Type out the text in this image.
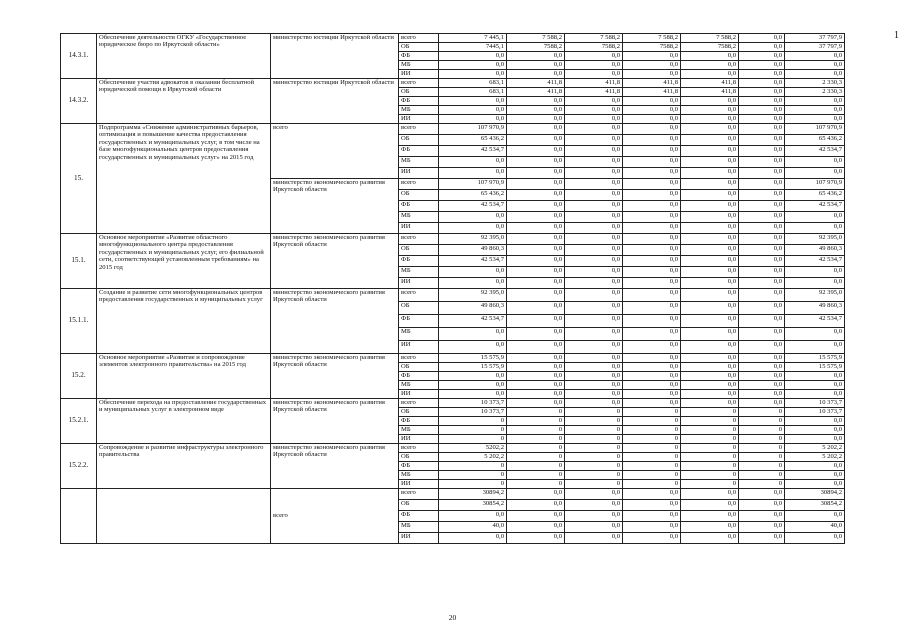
1
14.3.1.	Обеспечение деятельности ОГКУ «Государственное юридическое бюро по Иркутской области»	министерство юстиции Иркутской области	всего	7 445,1	7 588,2	7 588,2	7 588,2	7 588,2	0,0	37 797,9
			ОБ	7445,1	7588,2	7588,2	7588,2	7588,2	0,0	37 797,9
			ФБ	0,0	0,0	0,0	0,0	0,0	0,0	0,0
			МБ	0,0	0,0	0,0	0,0	0,0	0,0	0,0
			ИИ	0,0	0,0	0,0	0,0	0,0	0,0	0,0
14.3.2.	Обеспечение участия адвокатов в оказании бесплатной юридической помощи в Иркутской области	министерство юстиции Иркутской области	всего	683,1	411,8	411,8	411,8	411,8	0,0	2 330,3
			ОБ	683,1	411,8	411,8	411,8	411,8	0,0	2 330,3
			ФБ	0,0	0,0	0,0	0,0	0,0	0,0	0,0
			МБ	0,0	0,0	0,0	0,0	0,0	0,0	0,0
			ИИ	0,0	0,0	0,0	0,0	0,0	0,0	0,0
15.	Подпрограмма «Снижение административных барьеров, оптимизация и повышение качества предоставления государственных и муниципальных услуг, в том числе на базе многофункциональных центров предоставления государственных и муниципальных услуг» на 2015 год	всего	всего	107 970,9	0,0	0,0	0,0	0,0	0,0	107 970,9
			ОБ	65 436,2	0,0	0,0	0,0	0,0	0,0	65 436,2
			ФБ	42 534,7	0,0	0,0	0,0	0,0	0,0	42 534,7
			МБ	0,0	0,0	0,0	0,0	0,0	0,0	0,0
			ИИ	0,0	0,0	0,0	0,0	0,0	0,0	0,0
		министерство экономического развития Иркутской области	всего	107 970,9	0,0	0,0	0,0	0,0	0,0	107 970,9
			ОБ	65 436,2	0,0	0,0	0,0	0,0	0,0	65 436,2
			ФБ	42 534,7	0,0	0,0	0,0	0,0	0,0	42 534,7
			МБ	0,0	0,0	0,0	0,0	0,0	0,0	0,0
			ИИ	0,0	0,0	0,0	0,0	0,0	0,0	0,0
15.1.	Основное мероприятие «Развитие областного многофункционального центра предоставления государственных и муниципальных услуг, его филиальной сети, соответствующей установленным требованиям» на 2015 год	министерство экономического развития Иркутской области	всего	92 395,0	0,0	0,0	0,0	0,0	0,0	92 395,0
			ОБ	49 860,3	0,0	0,0	0,0	0,0	0,0	49 860,3
			ФБ	42 534,7	0,0	0,0	0,0	0,0	0,0	42 534,7
			МБ	0,0	0,0	0,0	0,0	0,0	0,0	0,0
			ИИ	0,0	0,0	0,0	0,0	0,0	0,0	0,0
15.1.1.	Создание и развитие сети многофункциональных центров предоставления государственных и муниципальных услуг	министерство экономического развития Иркутской области	всего	92 395,0	0,0	0,0	0,0	0,0	0,0	92 395,0
			ОБ	49 860,3	0,0	0,0	0,0	0,0	0,0	49 860,3
			ФБ	42 534,7	0,0	0,0	0,0	0,0	0,0	42 534,7
			МБ	0,0	0,0	0,0	0,0	0,0	0,0	0,0
			ИИ	0,0	0,0	0,0	0,0	0,0	0,0	0,0
15.2.	Основное мероприятие «Развитие и сопровождение элементов электронного правительства» на 2015 год	министерство экономического развития Иркутской области	всего	15 575,9	0,0	0,0	0,0	0,0	0,0	15 575,9
			ОБ	15 575,9	0,0	0,0	0,0	0,0	0,0	15 575,9
			ФБ	0,0	0,0	0,0	0,0	0,0	0,0	0,0
			МБ	0,0	0,0	0,0	0,0	0,0	0,0	0,0
			ИИ	0,0	0,0	0,0	0,0	0,0	0,0	0,0
15.2.1.	Обеспечение перехода на предоставление государственных и муниципальных услуг в электронном виде	министерство экономического развития Иркутской области	всего	10 373,7	0,0	0,0	0,0	0,0	0,0	10 373,7
			ОБ	10 373,7	0	0	0	0	0	10 373,7
			ФБ	0	0	0	0	0	0	0,0
			МБ	0	0	0	0	0	0	0,0
			ИИ	0	0	0	0	0	0	0,0
15.2.2.	Сопровождение и развитие инфраструктуры электронного правительства	министерство экономического развития Иркутской области	всего	5202,2	0	0	0	0	0	5 202,2
			ОБ	5 202,2	0	0	0	0	0	5 202,2
			ФБ	0	0	0	0	0	0	0,0
			МБ	0	0	0	0	0	0	0,0
			ИИ	0	0	0	0	0	0	0,0
		всего	всего	30894,2	0,0	0,0	0,0	0,0	0,0	30894,2
			ОБ	30854,2	0,0	0,0	0,0	0,0	0,0	30854,2
			ФБ	0,0	0,0	0,0	0,0	0,0	0,0	0,0
			МБ	40,0	0,0	0,0	0,0	0,0	0,0	40,0
			ИИ	0,0	0,0	0,0	0,0	0,0	0,0	0,0
20
